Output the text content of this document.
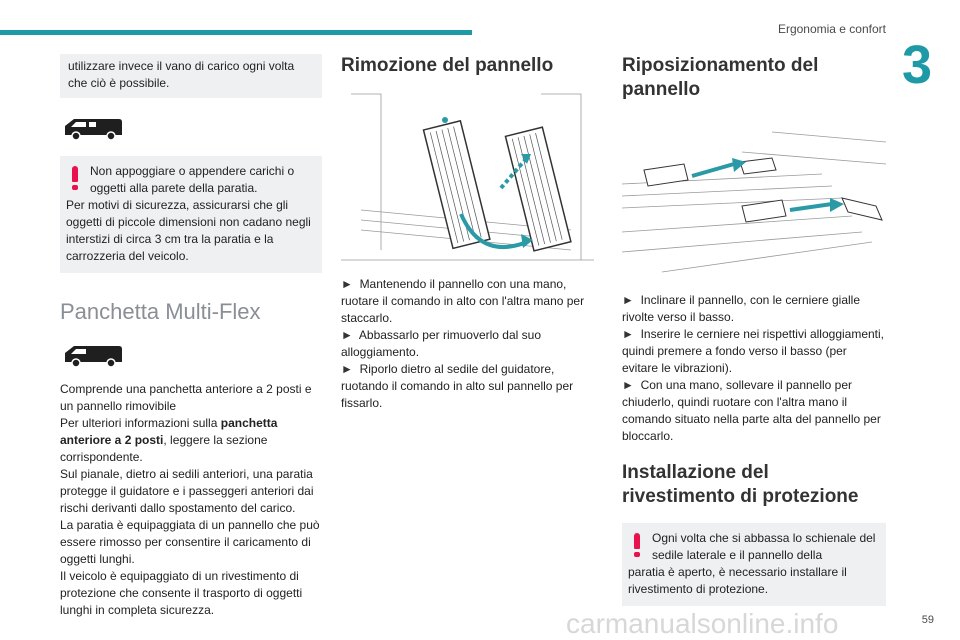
Ergonomia e confort
3
utilizzare invece il vano di carico ogni volta che ciò è possibile.
Non appoggiare o appendere carichi o oggetti alla parete della paratia.
Per motivi di sicurezza, assicurarsi che gli oggetti di piccole dimensioni non cadano negli interstizi di circa 3 cm tra la paratia e la carrozzeria del veicolo.
Panchetta Multi-Flex

Comprende una panchetta anteriore a 2 posti e un pannello rimovibile

Per ulteriori informazioni sulla panchetta anteriore a 2 posti, leggere la sezione corrispondente.

Sul pianale, dietro ai sedili anteriori, una paratia protegge il guidatore e i passeggeri anteriori dai rischi derivanti dallo spostamento del carico.

La paratia è equipaggiata di un pannello che può essere rimosso per consentire il caricamento di oggetti lunghi.

Il veicolo è equipaggiato di un rivestimento di protezione che consente il trasporto di oggetti lunghi in completa sicurezza.

Rimozione del pannello
► Mantenendo il pannello con una mano, ruotare il comando in alto con l'altra mano per staccarlo.
► Abbassarlo per rimuoverlo dal suo alloggiamento.
► Riporlo dietro al sedile del guidatore, ruotando il comando in alto sul pannello per fissarlo.
Riposizionamento del pannello
► Inclinare il pannello, con le cerniere gialle rivolte verso il basso.
► Inserire le cerniere nei rispettivi alloggiamenti, quindi premere a fondo verso il basso (per evitare le vibrazioni).
► Con una mano, sollevare il pannello per chiuderlo, quindi ruotare con l'altra mano il comando situato nella parte alta del pannello per bloccarlo.
Installazione del rivestimento di protezione
Ogni volta che si abbassa lo schienale del sedile laterale e il pannello della
paratia è aperto, è necessario installare il rivestimento di protezione.
carmanualsonline.info	59
